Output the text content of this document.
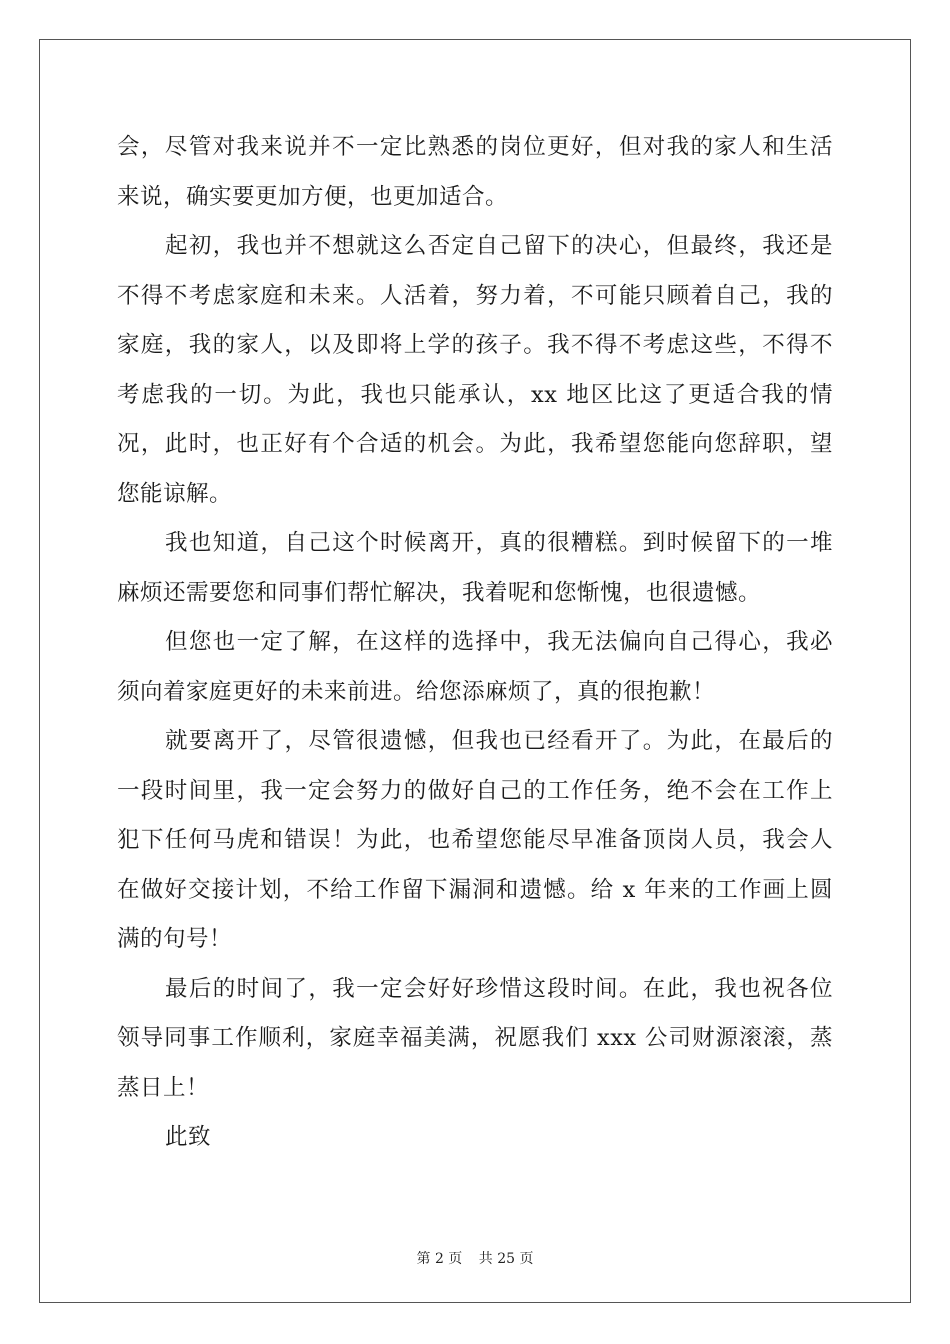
会，尽管对我来说并不一定比熟悉的岗位更好，但对我的家人和生活
来说，确实要更加方便，也更加适合。
起初，我也并不想就这么否定自己留下的决心，但最终，我还是
不得不考虑家庭和未来。人活着，努力着，不可能只顾着自己，我的
家庭，我的家人，以及即将上学的孩子。我不得不考虑这些，不得不
考虑我的一切。为此，我也只能承认，xx 地区比这了更适合我的情
况，此时，也正好有个合适的机会。为此，我希望您能向您辞职，望
您能谅解。
我也知道，自己这个时候离开，真的很糟糕。到时候留下的一堆
麻烦还需要您和同事们帮忙解决，我着呢和您惭愧，也很遗憾。
但您也一定了解，在这样的选择中，我无法偏向自己得心，我必
须向着家庭更好的未来前进。给您添麻烦了，真的很抱歉！
就要离开了，尽管很遗憾，但我也已经看开了。为此，在最后的
一段时间里，我一定会努力的做好自己的工作任务，绝不会在工作上
犯下任何马虎和错误！为此，也希望您能尽早准备顶岗人员，我会人
在做好交接计划，不给工作留下漏洞和遗憾。给 x 年来的工作画上圆
满的句号！
最后的时间了，我一定会好好珍惜这段时间。在此，我也祝各位
领导同事工作顺利，家庭幸福美满，祝愿我们 xxx 公司财源滚滚，蒸
蒸日上！
此致
第 2 页 共 25 页
